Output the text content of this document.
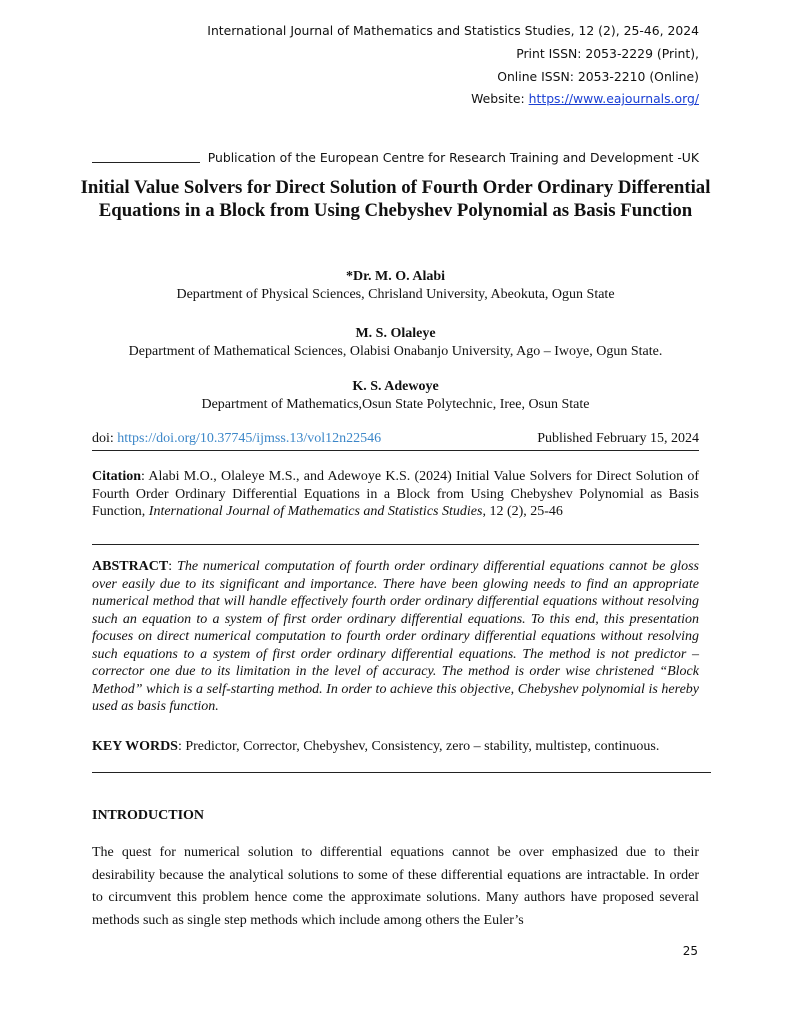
International Journal of Mathematics and Statistics Studies, 12 (2), 25-46, 2024
Print ISSN: 2053-2229 (Print),
Online ISSN: 2053-2210 (Online)
Website: https://www.eajournals.org/
Publication of the European Centre for Research Training and Development -UK
Initial Value Solvers for Direct Solution of Fourth Order Ordinary Differential Equations in a Block from Using Chebyshev Polynomial as Basis Function
*Dr. M. O. Alabi
Department of Physical Sciences, Chrisland University, Abeokuta, Ogun State
M. S. Olaleye
Department of Mathematical Sciences, Olabisi Onabanjo University, Ago – Iwoye, Ogun State.
K. S. Adewoye
Department of Mathematics,Osun State Polytechnic, Iree, Osun State
doi: https://doi.org/10.37745/ijmss.13/vol12n22546	Published February 15, 2024
Citation: Alabi M.O., Olaleye M.S., and Adewoye K.S. (2024) Initial Value Solvers for Direct Solution of Fourth Order Ordinary Differential Equations in a Block from Using Chebyshev Polynomial as Basis Function, International Journal of Mathematics and Statistics Studies, 12 (2), 25-46
ABSTRACT: The numerical computation of fourth order ordinary differential equations cannot be gloss over easily due to its significant and importance. There have been glowing needs to find an appropriate numerical method that will handle effectively fourth order ordinary differential equations without resolving such an equation to a system of first order ordinary differential equations. To this end, this presentation focuses on direct numerical computation to fourth order ordinary differential equations without resolving such equations to a system of first order ordinary differential equations. The method is not predictor – corrector one due to its limitation in the level of accuracy. The method is order wise christened “Block Method” which is a self-starting method. In order to achieve this objective, Chebyshev polynomial is hereby used as basis function.
KEY WORDS: Predictor, Corrector, Chebyshev, Consistency, zero – stability, multistep, continuous.
INTRODUCTION
The quest for numerical solution to differential equations cannot be over emphasized due to their desirability because the analytical solutions to some of these differential equations are intractable. In order to circumvent this problem hence come the approximate solutions. Many authors have proposed several methods such as single step methods which include among others the Euler’s
25
